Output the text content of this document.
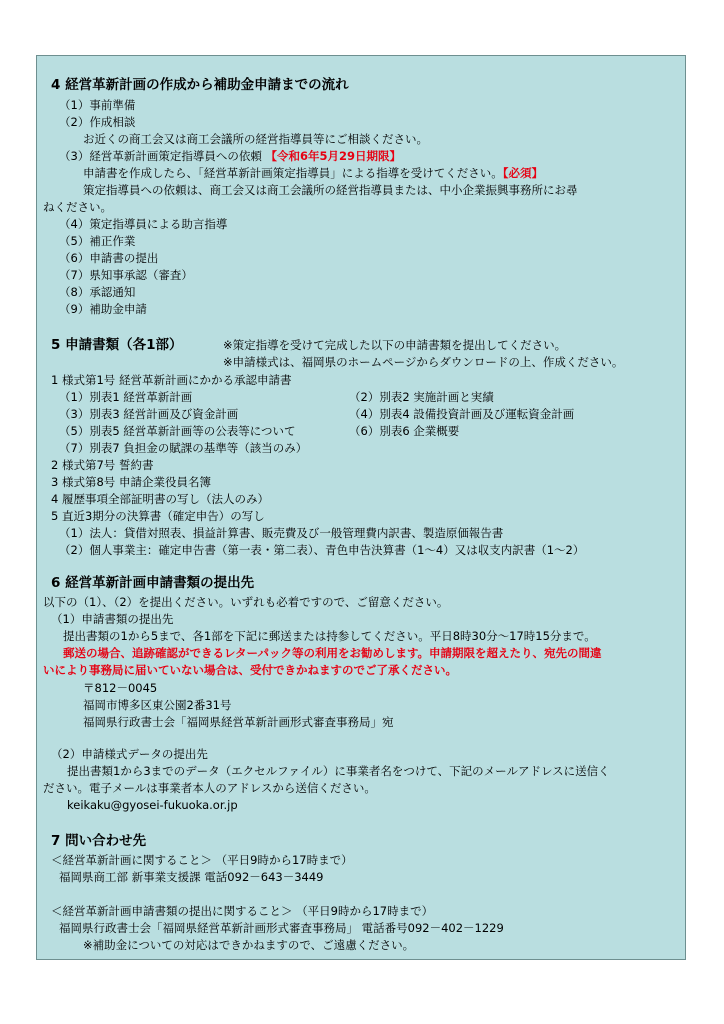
4 経営革新計画の作成から補助金申請までの流れ
（1）事前準備
（2）作成相談
お近くの商工会又は商工会議所の経営指導員等にご相談ください。
（3）経営革新計画策定指導員への依頼 【令和6年5月29日期限】
申請書を作成したら、「経営革新計画策定指導員」による指導を受けてください。【必須】
策定指導員への依頼は、商工会又は商工会議所の経営指導員または、中小企業振興事務所にお尋
ねください。
（4）策定指導員による助言指導
（5）補正作業
（6）申請書の提出
（7）県知事承認（審査）
（8）承認通知
（9）補助金申請
5 申請書類（各1部）	※策定指導を受けて完成した以下の申請書類を提出してください。
※申請様式は、福岡県のホームページからダウンロードの上、作成ください。
1 様式第1号 経営革新計画にかかる承認申請書
（1）別表1 経営革新計画	（2）別表2 実施計画と実績
（3）別表3 経営計画及び資金計画	（4）別表4 設備投資計画及び運転資金計画
（5）別表5 経営革新計画等の公表等について	（6）別表6 企業概要
（7）別表7 負担金の賦課の基準等（該当のみ）
2 様式第7号 誓約書
3 様式第8号 申請企業役員名簿
4 履歴事項全部証明書の写し（法人のみ）
5 直近3期分の決算書（確定申告）の写し
（1）法人：貸借対照表、損益計算書、販売費及び一般管理費内訳書、製造原価報告書
（2）個人事業主：確定申告書（第一表・第二表）、青色申告決算書（1～4）又は収支内訳書（1～2）
6 経営革新計画申請書類の提出先
以下の（1）、（2）を提出ください。いずれも必着ですので、ご留意ください。
（1）申請書類の提出先
提出書類の1から5まで、各1部を下記に郵送または持参してください。平日8時30分～17時15分まで。
郵送の場合、追跡確認ができるレターパック等の利用をお勧めします。申請期限を超えたり、宛先の間違
いにより事務局に届いていない場合は、受付できかねますのでご了承ください。
〒812－0045
福岡市博多区東公園2番31号
福岡県行政書士会「福岡県経営革新計画形式審査事務局」宛
（2）申請様式データの提出先
提出書類1から3までのデータ（エクセルファイル）に事業者名をつけて、下記のメールアドレスに送信く
ださい。電子メールは事業者本人のアドレスから送信ください。
keikaku@gyosei-fukuoka.or.jp
7 問い合わせ先
＜経営革新計画に関すること＞ （平日9時から17時まで）
福岡県商工部 新事業支援課 電話092－643－3449
＜経営革新計画申請書類の提出に関すること＞ （平日9時から17時まで）
福岡県行政書士会「福岡県経営革新計画形式審査事務局」 電話番号092－402－1229
※補助金についての対応はできかねますので、ご遠慮ください。
